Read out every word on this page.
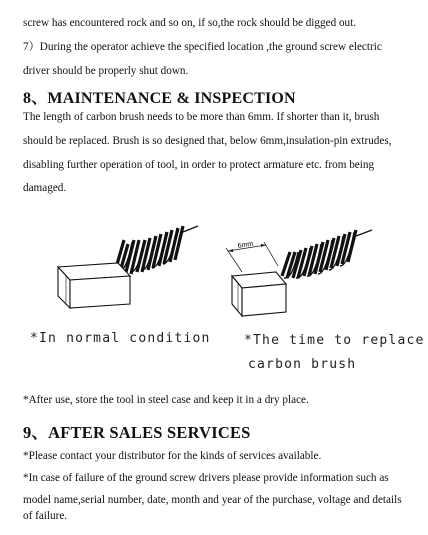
screw has encountered rock and so on, if so,the rock should be digged out.
7）During the operator achieve the specified location ,the ground screw electric
driver should be properly shut down.
8、MAINTENANCE & INSPECTION
The length of carbon brush needs to be more than 6mm. If shorter than it, brush
should be replaced. Brush is so designed that, below 6mm,insulation-pin extrudes,
disabling further operation of tool, in order to protect armature etc. from being
damaged.
*In normal condition
6mm
*The time to replace
carbon brush
*After use, store the tool in steel case and keep it in a dry place.
9、AFTER SALES SERVICES
*Please contact your distributor for the kinds of services available.
*In case of failure of the ground screw drivers please provide information such as
model name,serial number, date, month and year of the purchase, voltage and details
of failure.
